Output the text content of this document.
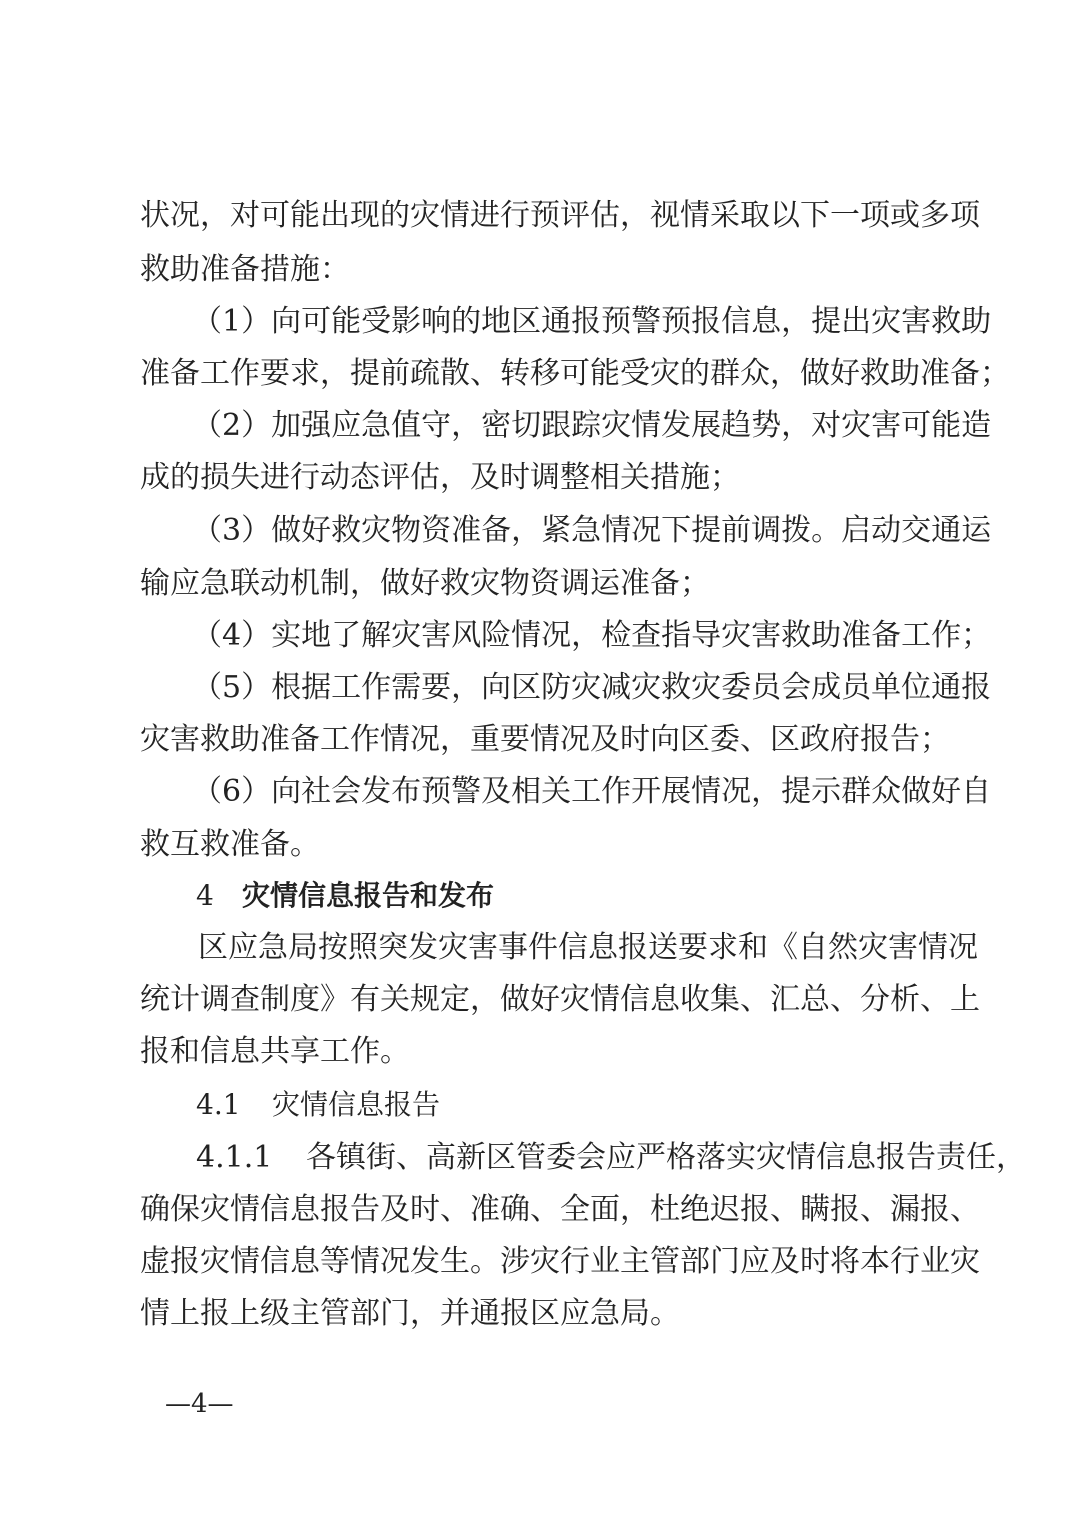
状况，对可能出现的灾情进行预评估，视情采取以下一项或多项
救助准备措施：
（1）向可能受影响的地区通报预警预报信息，提出灾害救助
准备工作要求，提前疏散、转移可能受灾的群众，做好救助准备；
（2）加强应急值守，密切跟踪灾情发展趋势，对灾害可能造
成的损失进行动态评估，及时调整相关措施；
（3）做好救灾物资准备，紧急情况下提前调拨。启动交通运
输应急联动机制，做好救灾物资调运准备；
（4）实地了解灾害风险情况，检查指导灾害救助准备工作；
（5）根据工作需要，向区防灾减灾救灾委员会成员单位通报
灾害救助准备工作情况，重要情况及时向区委、区政府报告；
（6）向社会发布预警及相关工作开展情况，提示群众做好自
救互救准备。
4 灾情信息报告和发布
区应急局按照突发灾害事件信息报送要求和《自然灾害情况
统计调查制度》有关规定，做好灾情信息收集、汇总、分析、上
报和信息共享工作。
4.1 灾情信息报告
4.1.1 各镇街、高新区管委会应严格落实灾情信息报告责任，
确保灾情信息报告及时、准确、全面，杜绝迟报、瞒报、漏报、
虚报灾情信息等情况发生。涉灾行业主管部门应及时将本行业灾
情上报上级主管部门，并通报区应急局。
—4—
